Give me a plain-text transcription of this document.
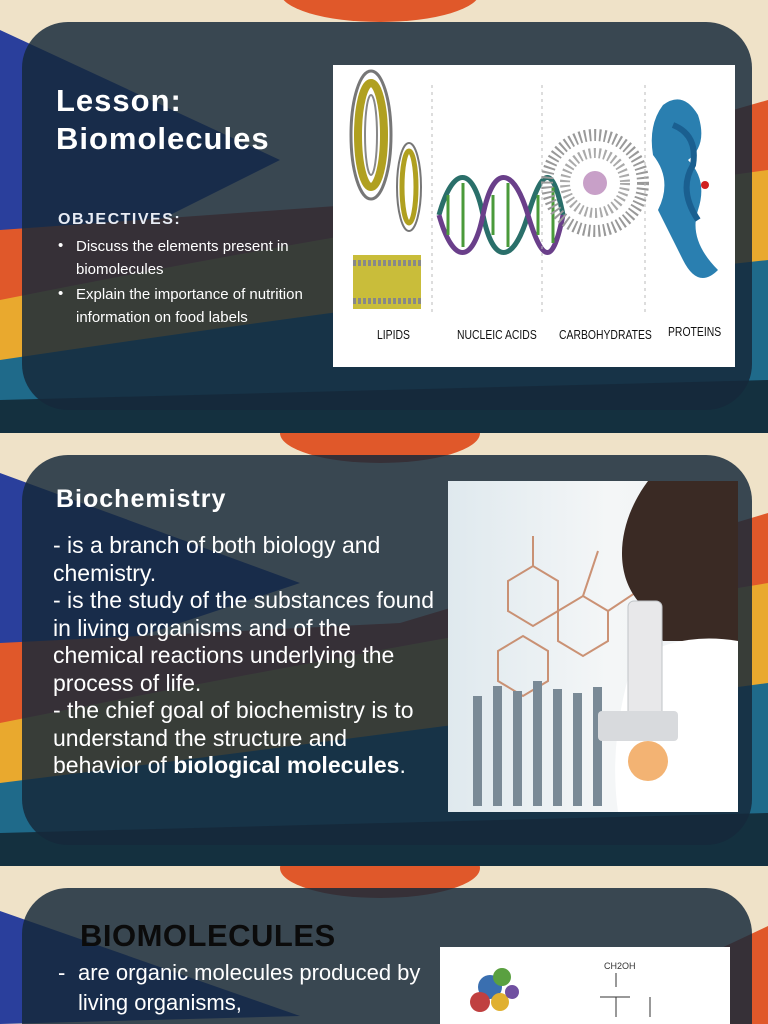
Lesson:
Biomolecules
OBJECTIVES:
• Discuss the elements present in biomolecules
• Explain the importance of nutrition information on food labels
LIPIDS	NUCLEIC ACIDS CARBOHYDRATES PROTEINS
Biochemistry
- is a branch of both biology and chemistry.
- is the study of the substances found in living organisms and of the chemical reactions underlying the process of life.
- the chief goal of biochemistry is to understand the structure and behavior of biological molecules.
BIOMOLECULES
- are organic molecules produced by living organisms,
CH2OH
